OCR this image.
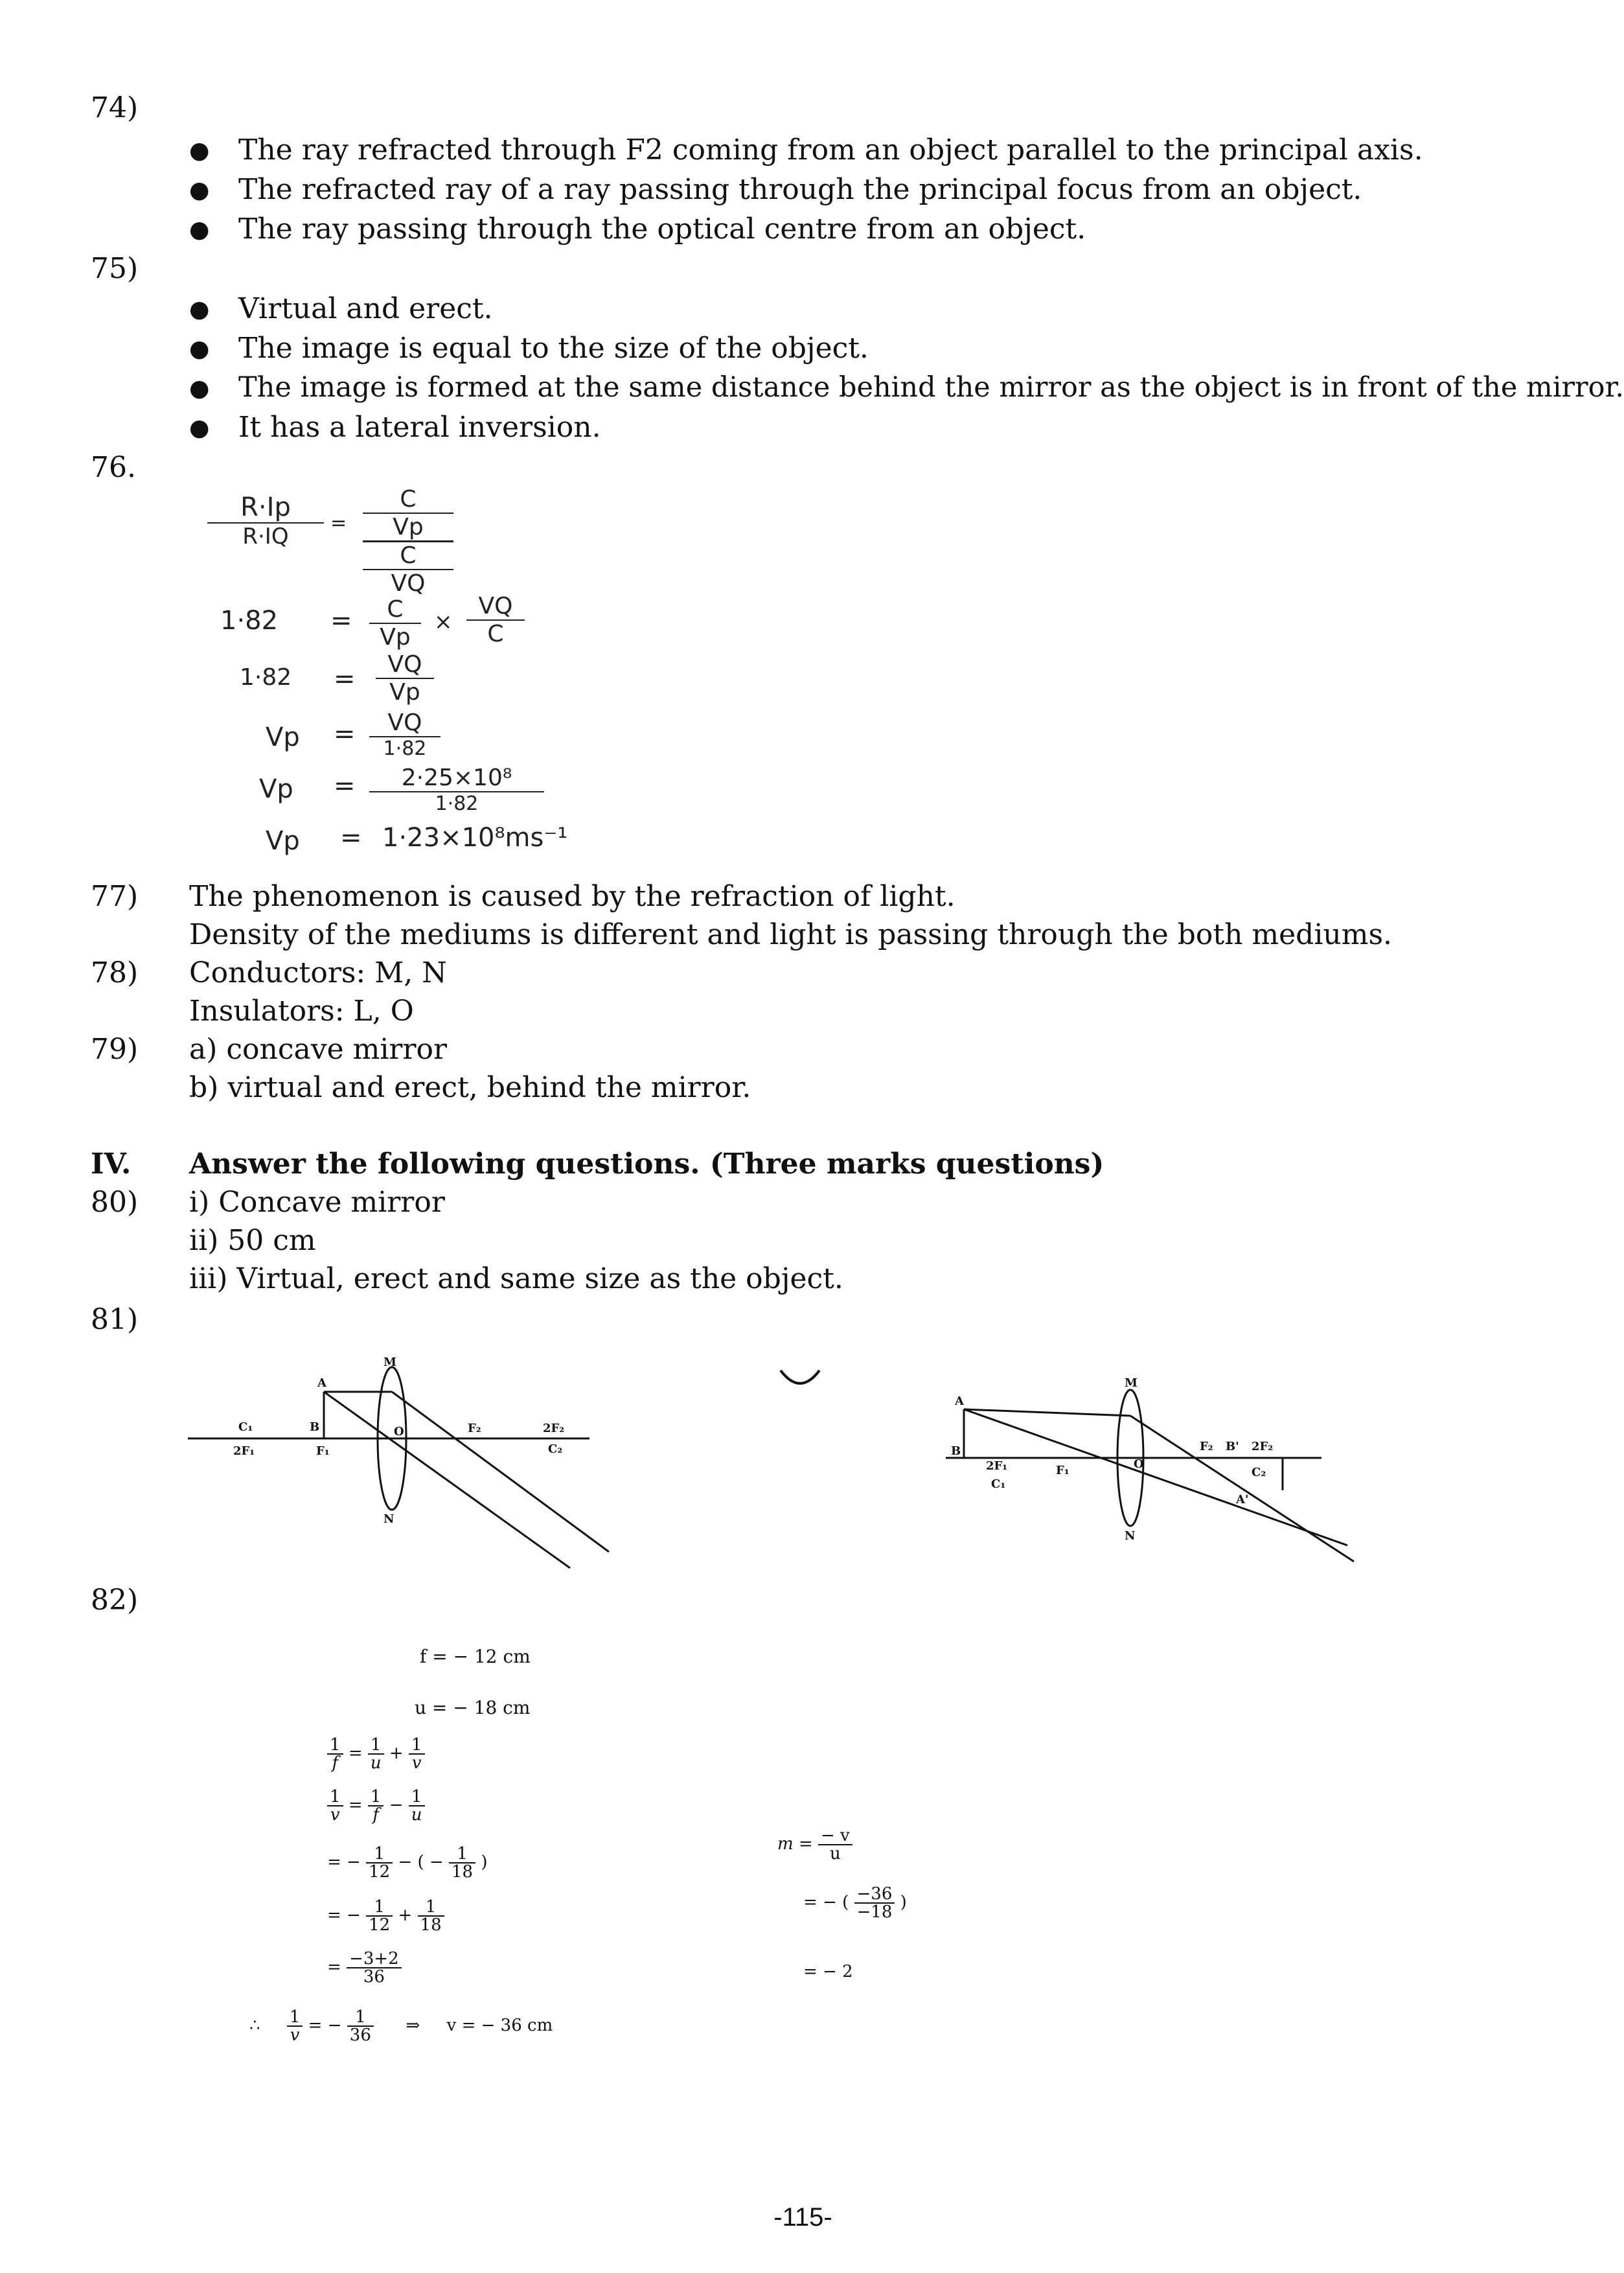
74)
● The ray refracted through F2 coming from an object parallel to the principal axis.
● The refracted ray of a ray passing through the principal focus from an object.
● The ray passing through the optical centre from an object.
75)
● Virtual and erect.
● The image is equal to the size of the object.
● The image is formed at the same distance behind the mirror as the object is in front of the mirror.
● It has a lateral inversion.
76.
$\frac{R\cdot Ip}{R\cdot IQ}$ =
C
Vp
C
VQ
$1\cdot 82 = \frac{C}{Vp} \times \frac{VQ}{C}$
$1\cdot 82 = \frac{VQ}{Vp}$
Vp =	VQ
1·82
Vp =	2·25×10⁸
1·82
Vp = 1·23×10⁸ms⁻¹
77) The phenomenon is caused by the refraction of light.
Density of the mediums is different and light is passing through the both mediums.
78) Conductors: M, N
Insulators: L, O
79) a) concave mirror
b) virtual and erect, behind the mirror.
IV. Answer the following questions. (Three marks questions)
80) i) Concave mirror
ii) 50 cm
iii) Virtual, erect and same size as the object.
81)
C₁
2F₁
B
F₁
A
O
M
N
F₂	2F₂
C₂
A
B
2F₁
C₁
F₁
M
O
N
F₂ B' 2F₂
C₂
A'
82)
f = − 12 cm
u = − 18 cm
$\frac{1}{f} = \frac{1}{u} + \frac{1}{v}$
$\frac{1}{v} = \frac{1}{f} - \frac{1}{u}$
= − $\frac{1}{12}$ − ( − $\frac{1}{18}$ )
= − $\frac{1}{12} + \frac{1}{18}$
= $\frac{-3+2}{36}$
∴ $\frac{1}{v}$ = − $\frac{1}{36}$ ⇒ v = − 36 cm
$m = \frac{- v}{u}$
= − ( $\frac{-36}{-18}$ )
= − 2
-115-
